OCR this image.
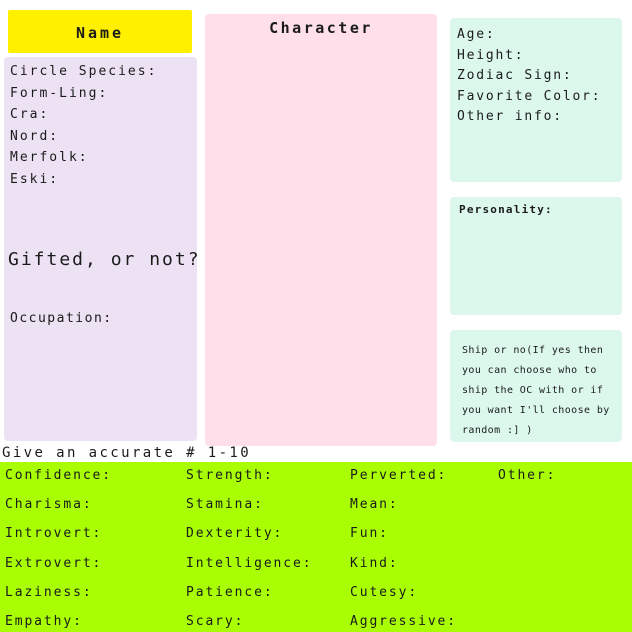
Name
Circle Species:
Form-Ling:
Cra:
Nord:
Merfolk:
Eski:
Gifted, or not?
Occupation:
Character	Age:
Height:
Zodiac Sign:
Favorite Color:
Other info:
Personality:
Ship or no(If yes then
you can choose who to
ship the OC with or if
you want I'll choose by
random :] )
Give an accurate # 1-10
Confidence:
Charisma:
Introvert:
Extrovert:
Laziness:
Empathy:
Strength:
Stamina:
Dexterity:
Intelligence:
Patience:
Scary:
Perverted:
Mean:
Fun:
Kind:
Cutesy:
Aggressive:
Other:
